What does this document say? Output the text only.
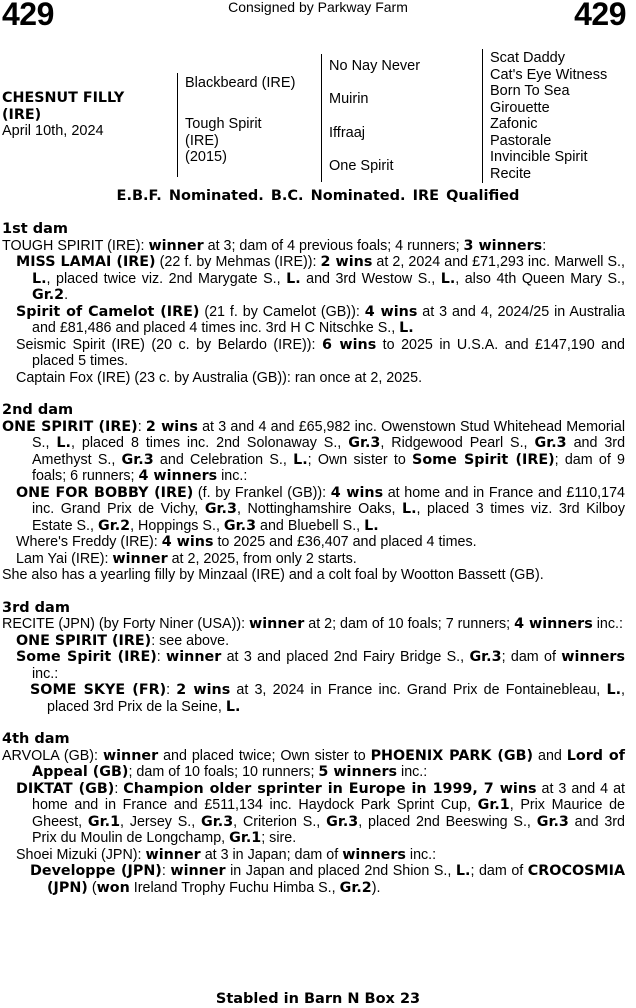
429	429
Consigned by Parkway Farm
CHESNUT FILLY
(IRE)
April 10th, 2024
Blackbeard (IRE)
Tough Spirit
(IRE)
(2015)
No Nay Never
Muirin
Iffraaj
One Spirit
Scat Daddy
Cat's Eye Witness
Born To Sea
Girouette
Zafonic
Pastorale
Invincible Spirit
Recite
E.B.F. Nominated. B.C. Nominated. IRE Qualified
1st dam
TOUGH SPIRIT (IRE): winner at 3; dam of 4 previous foals; 4 runners; 3 winners:
MISS LAMAI (IRE) (22 f. by Mehmas (IRE)): 2 wins at 2, 2024 and £71,293 inc. Marwell S., L., placed twice viz. 2nd Marygate S., L. and 3rd Westow S., L., also 4th Queen Mary S., Gr.2.
Spirit of Camelot (IRE) (21 f. by Camelot (GB)): 4 wins at 3 and 4, 2024/25 in Australia and £81,486 and placed 4 times inc. 3rd H C Nitschke S., L.
Seismic Spirit (IRE) (20 c. by Belardo (IRE)): 6 wins to 2025 in U.S.A. and £147,190 and placed 5 times.
Captain Fox (IRE) (23 c. by Australia (GB)): ran once at 2, 2025.
2nd dam
ONE SPIRIT (IRE): 2 wins at 3 and 4 and £65,982 inc. Owenstown Stud Whitehead Memorial S., L., placed 8 times inc. 2nd Solonaway S., Gr.3, Ridgewood Pearl S., Gr.3 and 3rd Amethyst S., Gr.3 and Celebration S., L.; Own sister to Some Spirit (IRE); dam of 9 foals; 6 runners; 4 winners inc.:
ONE FOR BOBBY (IRE) (f. by Frankel (GB)): 4 wins at home and in France and £110,174 inc. Grand Prix de Vichy, Gr.3, Nottinghamshire Oaks, L., placed 3 times viz. 3rd Kilboy Estate S., Gr.2, Hoppings S., Gr.3 and Bluebell S., L.
Where's Freddy (IRE): 4 wins to 2025 and £36,407 and placed 4 times.
Lam Yai (IRE): winner at 2, 2025, from only 2 starts.
She also has a yearling filly by Minzaal (IRE) and a colt foal by Wootton Bassett (GB).
3rd dam
RECITE (JPN) (by Forty Niner (USA)): winner at 2; dam of 10 foals; 7 runners; 4 winners inc.:
ONE SPIRIT (IRE): see above.
Some Spirit (IRE): winner at 3 and placed 2nd Fairy Bridge S., Gr.3; dam of winners inc.:
SOME SKYE (FR): 2 wins at 3, 2024 in France inc. Grand Prix de Fontainebleau, L., placed 3rd Prix de la Seine, L.
4th dam
ARVOLA (GB): winner and placed twice; Own sister to PHOENIX PARK (GB) and Lord of Appeal (GB); dam of 10 foals; 10 runners; 5 winners inc.:
DIKTAT (GB): Champion older sprinter in Europe in 1999, 7 wins at 3 and 4 at home and in France and £511,134 inc. Haydock Park Sprint Cup, Gr.1, Prix Maurice de Gheest, Gr.1, Jersey S., Gr.3, Criterion S., Gr.3, placed 2nd Beeswing S., Gr.3 and 3rd Prix du Moulin de Longchamp, Gr.1; sire.
Shoei Mizuki (JPN): winner at 3 in Japan; dam of winners inc.:
Developpe (JPN): winner in Japan and placed 2nd Shion S., L.; dam of CROCOSMIA (JPN) (won Ireland Trophy Fuchu Himba S., Gr.2).
Stabled in Barn N Box 23
